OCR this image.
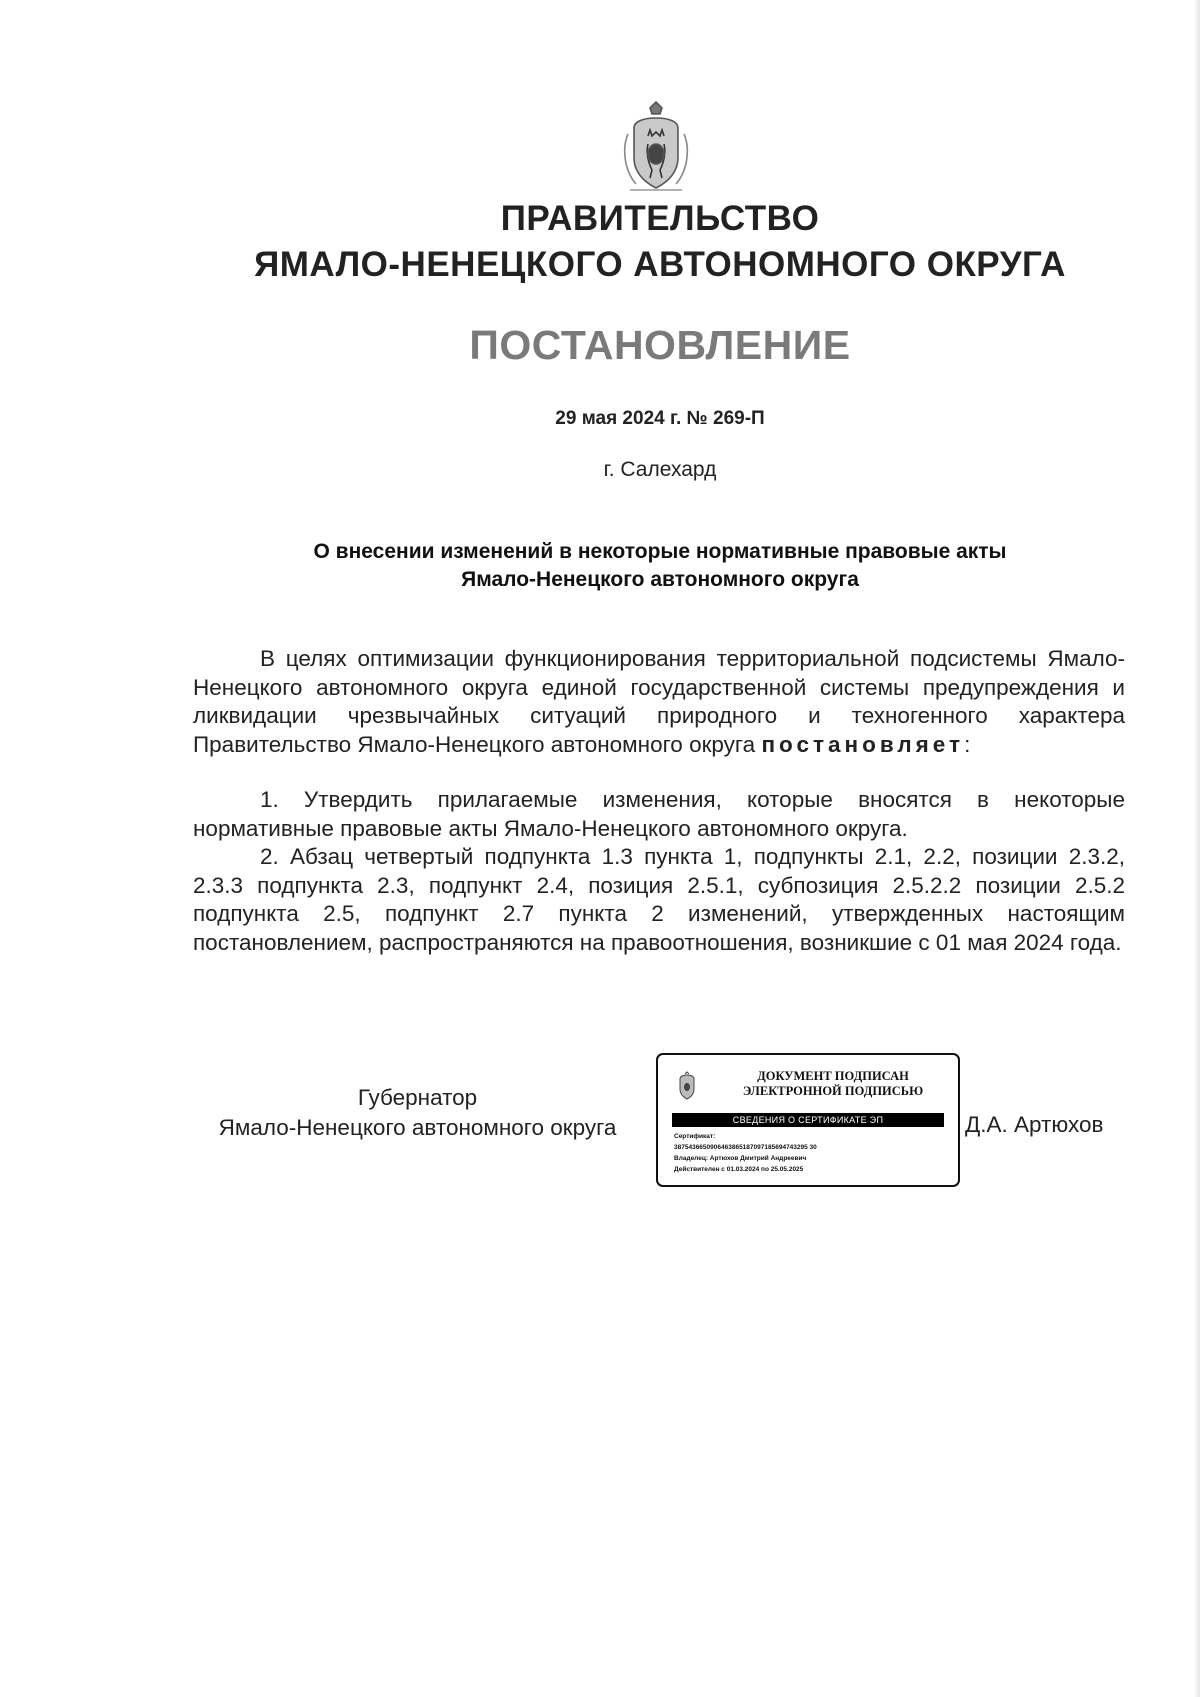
ПРАВИТЕЛЬСТВО
ЯМАЛО-НЕНЕЦКОГО АВТОНОМНОГО ОКРУГА
ПОСТАНОВЛЕНИЕ
29 мая 2024 г. № 269-П
г. Салехард
О внесении изменений в некоторые нормативные правовые акты
Ямало-Ненецкого автономного округа

В целях оптимизации функционирования территориальной подсистемы Ямало-Ненецкого автономного округа единой государственной системы предупреждения и ликвидации чрезвычайных ситуаций природного и техногенного характера Правительство Ямало-Ненецкого автономного округа постановляет:

1. Утвердить прилагаемые изменения, которые вносятся в некоторые нормативные правовые акты Ямало-Ненецкого автономного округа.

2. Абзац четвертый подпункта 1.3 пункта 1, подпункты 2.1, 2.2, позиции 2.3.2, 2.3.3 подпункта 2.3, подпункт 2.4, позиция 2.5.1, субпозиция 2.5.2.2 позиции 2.5.2 подпункта 2.5, подпункт 2.7 пункта 2 изменений, утвержденных настоящим постановлением, распространяются на правоотношения, возникшие с 01 мая 2024 года.

Губернатор
Ямало-Ненецкого автономного округа
ДОКУМЕНТ ПОДПИСАН
ЭЛЕКТРОННОЙ ПОДПИСЬЮ
СВЕДЕНИЯ О СЕРТИФИКАТЕ ЭП
Сертификат:
3875436650906463865187097185694743295 30
Владелец: Артюхов Дмитрий Андреевич
Действителен с 01.03.2024 по 25.05.2025
Д.А. Артюхов
